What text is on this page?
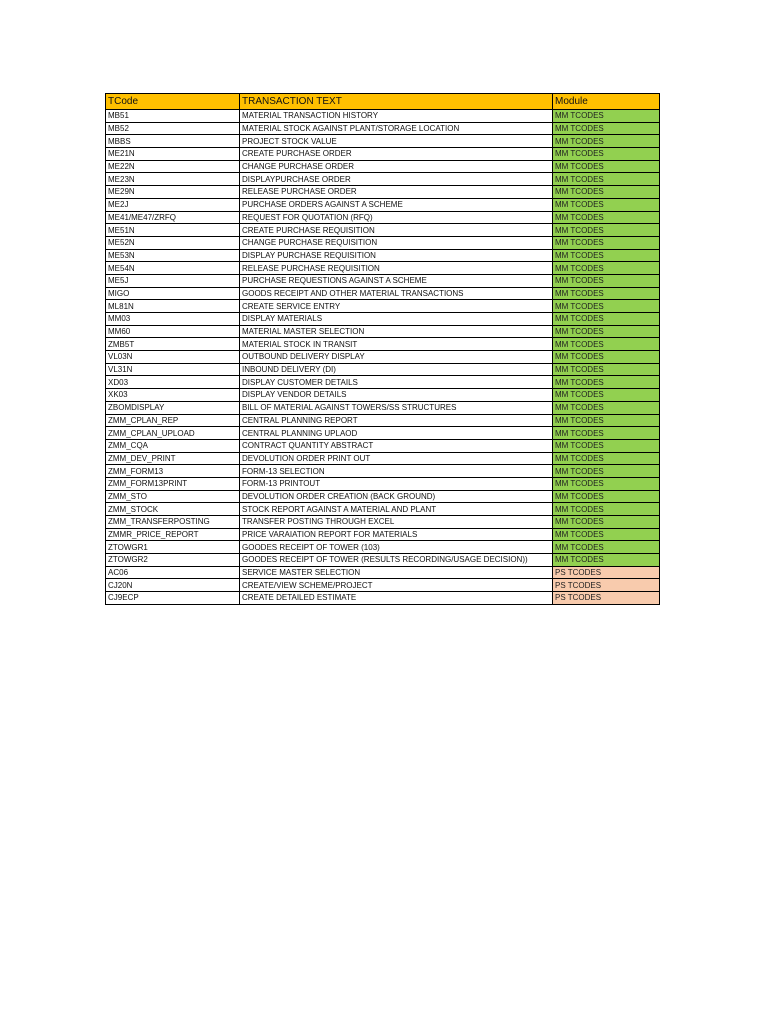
TCode	TRANSACTION TEXT	Module
MB51	MATERIAL TRANSACTION HISTORY	MM TCODES
MB52	MATERIAL STOCK AGAINST PLANT/STORAGE LOCATION	MM TCODES
MBBS	PROJECT STOCK VALUE	MM TCODES
ME21N	CREATE PURCHASE ORDER	MM TCODES
ME22N	CHANGE PURCHASE ORDER	MM TCODES
ME23N	DISPLAYPURCHASE ORDER	MM TCODES
ME29N	RELEASE PURCHASE ORDER	MM TCODES
ME2J	PURCHASE ORDERS AGAINST A SCHEME	MM TCODES
ME41/ME47/ZRFQ	REQUEST FOR QUOTATION (RFQ)	MM TCODES
ME51N	CREATE PURCHASE REQUISITION	MM TCODES
ME52N	CHANGE PURCHASE REQUISITION	MM TCODES
ME53N	DISPLAY PURCHASE REQUISITION	MM TCODES
ME54N	RELEASE PURCHASE REQUISITION	MM TCODES
ME5J	PURCHASE REQUESTIONS AGAINST A SCHEME	MM TCODES
MIGO	GOODS RECEIPT AND OTHER MATERIAL TRANSACTIONS	MM TCODES
ML81N	CREATE SERVICE ENTRY	MM TCODES
MM03	DISPLAY MATERIALS	MM TCODES
MM60	MATERIAL MASTER SELECTION	MM TCODES
ZMB5T	MATERIAL STOCK IN TRANSIT	MM TCODES
VL03N	OUTBOUND DELIVERY DISPLAY	MM TCODES
VL31N	INBOUND DELIVERY (DI)	MM TCODES
XD03	DISPLAY CUSTOMER DETAILS	MM TCODES
XK03	DISPLAY VENDOR DETAILS	MM TCODES
ZBOMDISPLAY	BILL OF MATERIAL AGAINST TOWERS/SS STRUCTURES	MM TCODES
ZMM_CPLAN_REP	CENTRAL PLANNING REPORT	MM TCODES
ZMM_CPLAN_UPLOAD	CENTRAL PLANNING UPLAOD	MM TCODES
ZMM_CQA	CONTRACT QUANTITY ABSTRACT	MM TCODES
ZMM_DEV_PRINT	DEVOLUTION ORDER PRINT OUT	MM TCODES
ZMM_FORM13	FORM-13 SELECTION	MM TCODES
ZMM_FORM13PRINT	FORM-13 PRINTOUT	MM TCODES
ZMM_STO	DEVOLUTION ORDER CREATION (BACK GROUND)	MM TCODES
ZMM_STOCK	STOCK REPORT AGAINST A MATERIAL AND PLANT	MM TCODES
ZMM_TRANSFERPOSTING	TRANSFER POSTING THROUGH EXCEL	MM TCODES
ZMMR_PRICE_REPORT	PRICE VARAIATION REPORT FOR MATERIALS	MM TCODES
ZTOWGR1	GOODES RECEIPT OF TOWER (103)	MM TCODES
ZTOWGR2	GOODES RECEIPT OF TOWER (RESULTS RECORDING/USAGE DECISION))	MM TCODES
AC06	SERVICE MASTER SELECTION	PS TCODES
CJ20N	CREATE/VIEW SCHEME/PROJECT	PS TCODES
CJ9ECP	CREATE DETAILED ESTIMATE	PS TCODES
